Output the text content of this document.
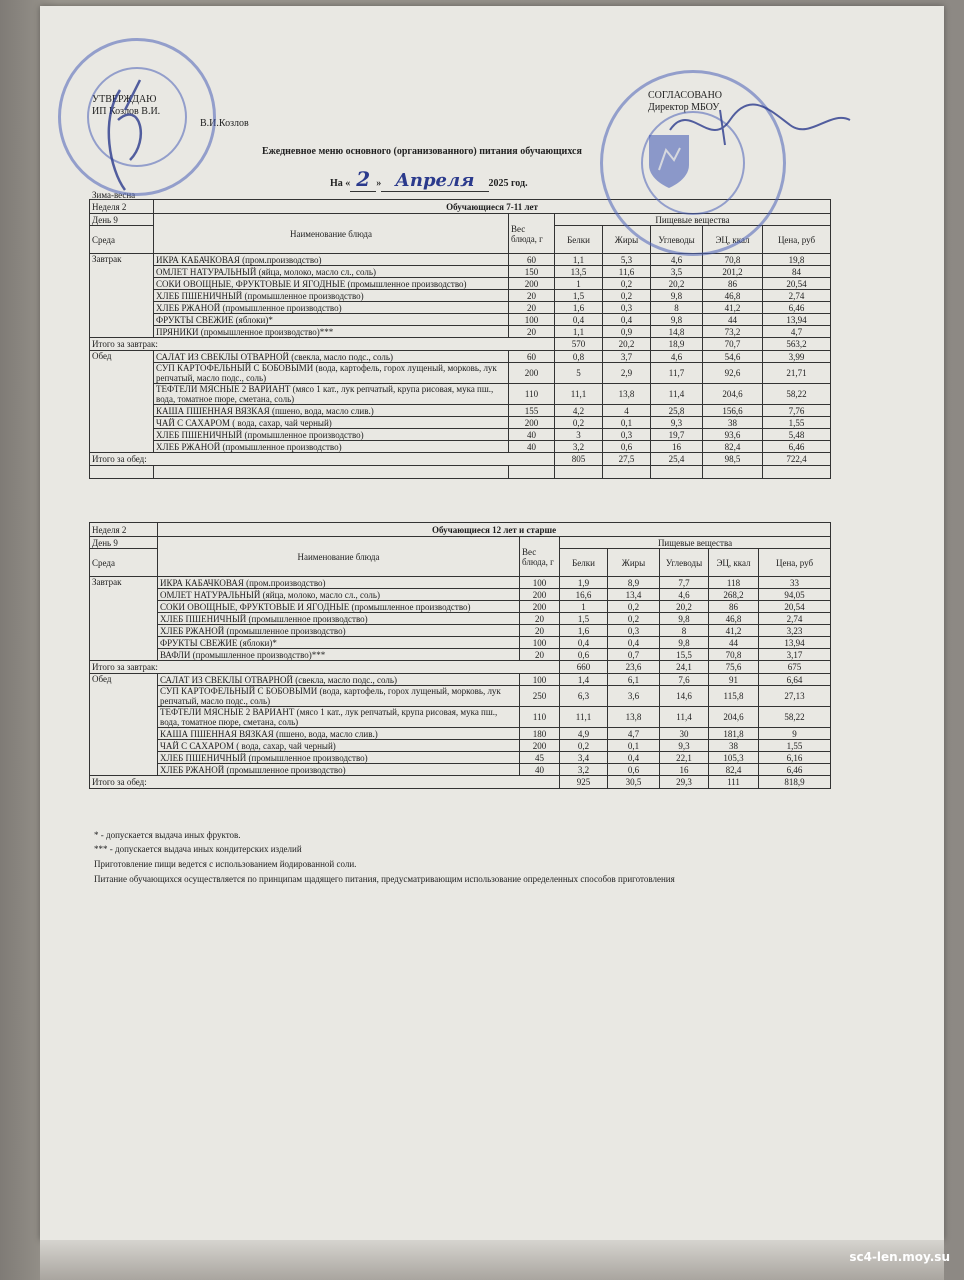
УТВЕРЖДАЮ
ИП Козлов В.И.
В.И.Козлов
СОГЛАСОВАНО
Директор МБОУ
Ежедневное меню основного (организованного) питания обучающихся
На « 2 » Апреля 2025 год.
Зима-весна
Неделя 2	Обучающиеся 7-11 лет							
День 9	Наименование блюда	Вес блюда, г	Пищевые вещества					
Среда			Белки	Жиры	Углеводы	ЭЦ, ккал	Цена, руб	

Завтрак	ИКРА КАБАЧКОВАЯ (пром.производство)	60	1,1	5,3	4,6	70,8	19,8	
	ОМЛЕТ НАТУРАЛЬНЫЙ (яйца, молоко, масло сл., соль)	150	13,5	11,6	3,5	201,2	84	
	СОКИ ОВОЩНЫЕ, ФРУКТОВЫЕ И ЯГОДНЫЕ (промышленное производство)	200	1	0,2	20,2	86	20,54	
	ХЛЕБ ПШЕНИЧНЫЙ (промышленное производство)	20	1,5	0,2	9,8	46,8	2,74	
	ХЛЕБ РЖАНОЙ (промышленное производство)	20	1,6	0,3	8	41,2	6,46	
	ФРУКТЫ СВЕЖИЕ (яблоки)*	100	0,4	0,4	9,8	44	13,94	
	ПРЯНИКИ (промышленное производство)***	20	1,1	0,9	14,8	73,2	4,7	
Итого за завтрак:			570	20,2	18,9	70,7	563,2	
Обед	САЛАТ ИЗ СВЕКЛЫ ОТВАРНОЙ (свекла, масло подс., соль)	60	0,8	3,7	4,6	54,6	3,99	
	СУП КАРТОФЕЛЬНЫЙ С БОБОВЫМИ (вода, картофель, горох лущеный, морковь, лук репчатый, масло подс., соль)	200	5	2,9	11,7	92,6	21,71	
	ТЕФТЕЛИ МЯСНЫЕ 2 ВАРИАНТ (мясо 1 кат., лук репчатый, крупа рисовая, мука пш., вода, томатное пюре, сметана, соль)	110	11,1	13,8	11,4	204,6	58,22	
	КАША ПШЕННАЯ ВЯЗКАЯ (пшено, вода, масло слив.)	155	4,2	4	25,8	156,6	7,76	
	ЧАЙ С САХАРОМ ( вода, сахар, чай черный)	200	0,2	0,1	9,3	38	1,55	
	ХЛЕБ ПШЕНИЧНЫЙ (промышленное производство)	40	3	0,3	19,7	93,6	5,48	
	ХЛЕБ РЖАНОЙ (промышленное производство)	40	3,2	0,6	16	82,4	6,46	
Итого за обед:			805	27,5	25,4	98,5	722,4	

Неделя 2	Обучающиеся 12 лет и старше							
День 9	Наименование блюда	Вес блюда, г	Пищевые вещества					
Среда			Белки	Жиры	Углеводы	ЭЦ, ккал	Цена, руб	

Завтрак	ИКРА КАБАЧКОВАЯ (пром.производство)	100	1,9	8,9	7,7	118	33	
	ОМЛЕТ НАТУРАЛЬНЫЙ (яйца, молоко, масло сл., соль)	200	16,6	13,4	4,6	268,2	94,05	
	СОКИ ОВОЩНЫЕ, ФРУКТОВЫЕ И ЯГОДНЫЕ (промышленное производство)	200	1	0,2	20,2	86	20,54	
	ХЛЕБ ПШЕНИЧНЫЙ (промышленное производство)	20	1,5	0,2	9,8	46,8	2,74	
	ХЛЕБ РЖАНОЙ (промышленное производство)	20	1,6	0,3	8	41,2	3,23	
	ФРУКТЫ СВЕЖИЕ (яблоки)*	100	0,4	0,4	9,8	44	13,94	
	ВАФЛИ (промышленное производство)***	20	0,6	0,7	15,5	70,8	3,17	
Итого за завтрак:			660	23,6	24,1	75,6	675	
Обед	САЛАТ ИЗ СВЕКЛЫ ОТВАРНОЙ (свекла, масло подс., соль)	100	1,4	6,1	7,6	91	6,64	
	СУП КАРТОФЕЛЬНЫЙ С БОБОВЫМИ (вода, картофель, горох лущеный, морковь, лук репчатый, масло подс., соль)	250	6,3	3,6	14,6	115,8	27,13	
	ТЕФТЕЛИ МЯСНЫЕ 2 ВАРИАНТ (мясо 1 кат., лук репчатый, крупа рисовая, мука пш., вода, томатное пюре, сметана, соль)	110	11,1	13,8	11,4	204,6	58,22	
	КАША ПШЕННАЯ ВЯЗКАЯ (пшено, вода, масло слив.)	180	4,9	4,7	30	181,8	9	
	ЧАЙ С САХАРОМ ( вода, сахар, чай черный)	200	0,2	0,1	9,3	38	1,55	
	ХЛЕБ ПШЕНИЧНЫЙ (промышленное производство)	45	3,4	0,4	22,1	105,3	6,16	
	ХЛЕБ РЖАНОЙ (промышленное производство)	40	3,2	0,6	16	82,4	6,46	
Итого за обед:			925	30,5	29,3	111	818,9	
* - допускается выдача иных фруктов.
*** - допускается выдача иных кондитерских изделий
Приготовление пищи ведется с использованием йодированной соли.
Питание обучающихся осуществляется по принципам щадящего питания, предусматривающим использование определенных способов приготовления
sc4-len.moy.su
